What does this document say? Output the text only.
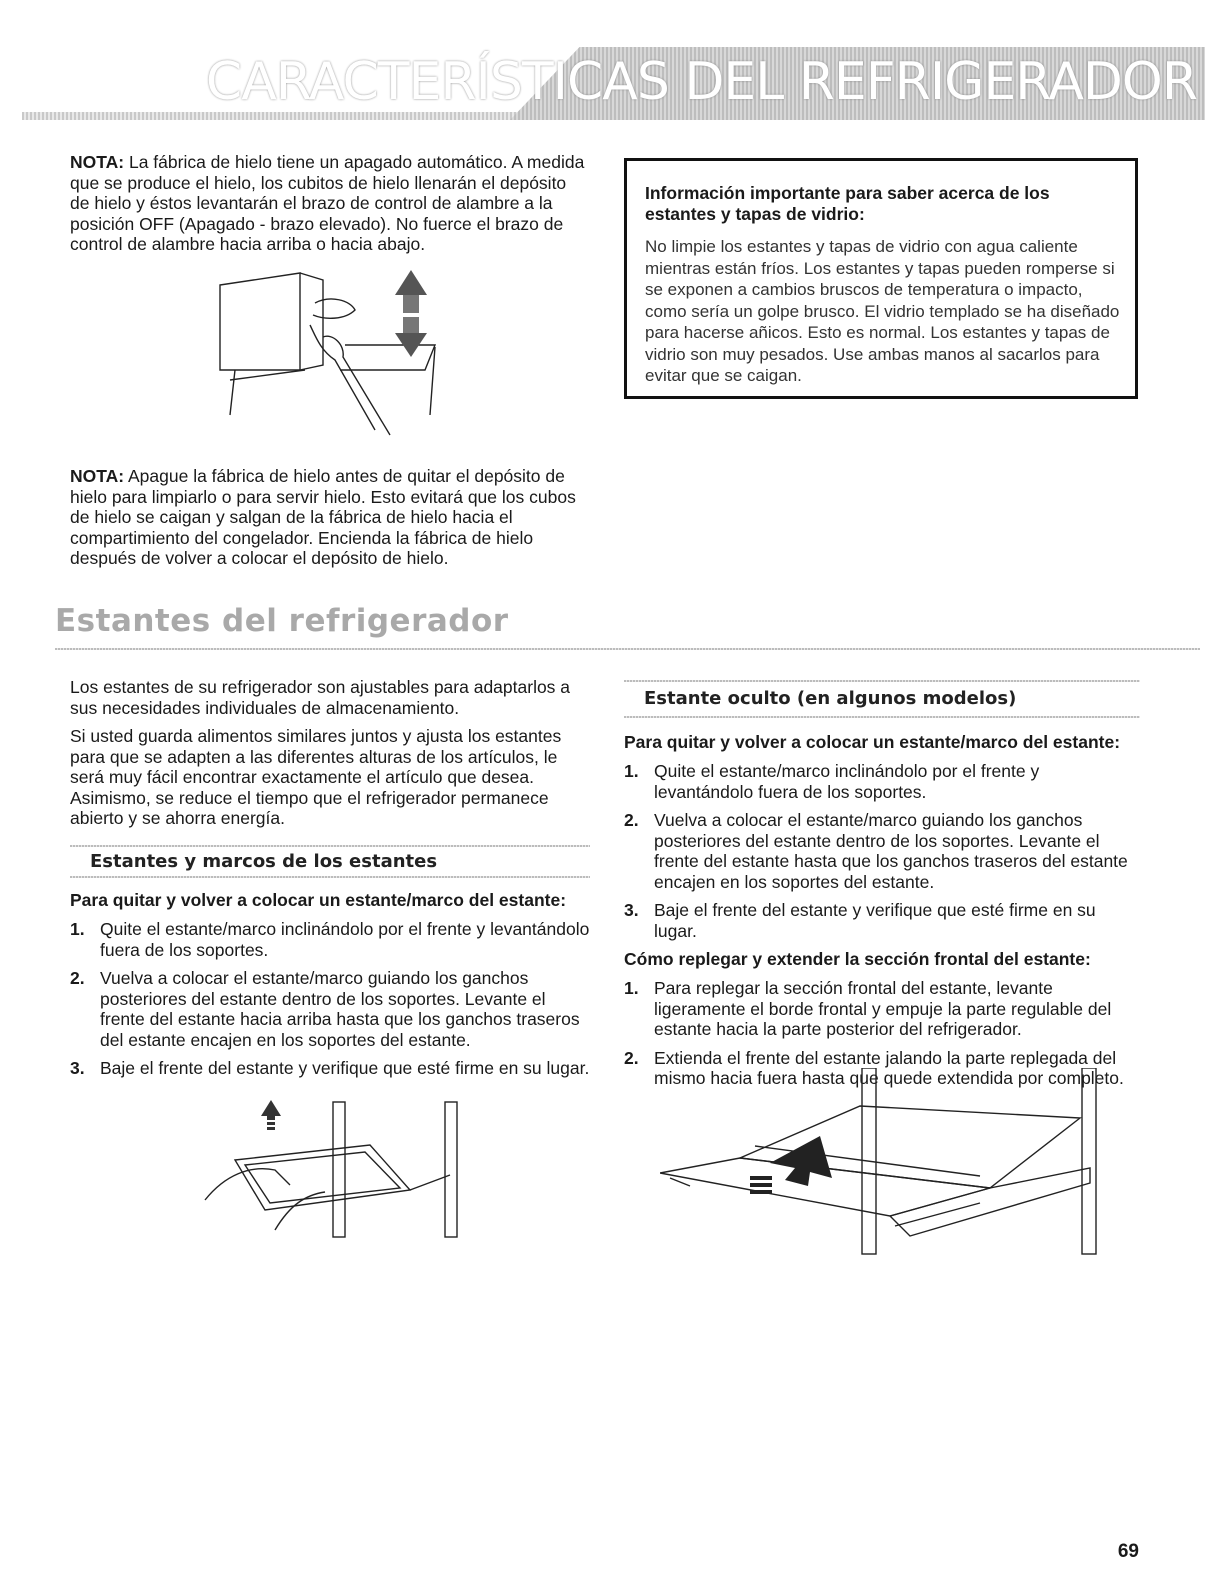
CARACTERÍSTICAS DEL REFRIGERADOR

NOTA: La fábrica de hielo tiene un apagado automático. A medida que se produce el hielo, los cubitos de hielo llenarán el depósito de hielo y éstos levantarán el brazo de control de alambre a la posición OFF (Apagado - brazo elevado). No fuerce el brazo de control de alambre hacia arriba o hacia abajo.

Información importante para saber acerca de los estantes y tapas de vidrio:

No limpie los estantes y tapas de vidrio con agua caliente mientras están fríos. Los estantes y tapas pueden romperse si se exponen a cambios bruscos de temperatura o impacto, como sería un golpe brusco. El vidrio templado se ha diseñado para hacerse añicos. Esto es normal. Los estantes y tapas de vidrio son muy pesados. Use ambas manos al sacarlos para evitar que se caigan.

NOTA: Apague la fábrica de hielo antes de quitar el depósito de hielo para limpiarlo o para servir hielo. Esto evitará que los cubos de hielo se caigan y salgan de la fábrica de hielo hacia el compartimiento del congelador. Encienda la fábrica de hielo después de volver a colocar el depósito de hielo.

Estantes del refrigerador

Los estantes de su refrigerador son ajustables para adaptarlos a sus necesidades individuales de almacenamiento.

Si usted guarda alimentos similares juntos y ajusta los estantes para que se adapten a las diferentes alturas de los artículos, le será muy fácil encontrar exactamente el artículo que desea. Asimismo, se reduce el tiempo que el refrigerador permanece abierto y se ahorra energía.

Estantes y marcos de los estantes
Para quitar y volver a colocar un estante/marco del estante:
1. Quite el estante/marco inclinándolo por el frente y levantándolo fuera de los soportes.
2. Vuelva a colocar el estante/marco guiando los ganchos posteriores del estante dentro de los soportes. Levante el frente del estante hacia arriba hasta que los ganchos traseros del estante encajen en los soportes del estante.
3. Baje el frente del estante y verifique que esté firme en su lugar.
Estante oculto (en algunos modelos)
Para quitar y volver a colocar un estante/marco del estante:
1. Quite el estante/marco inclinándolo por el frente y levantándolo fuera de los soportes.
2. Vuelva a colocar el estante/marco guiando los ganchos posteriores del estante dentro de los soportes. Levante el frente del estante hasta que los ganchos traseros del estante encajen en los soportes del estante.
3. Baje el frente del estante y verifique que esté firme en su lugar.
Cómo replegar y extender la sección frontal del estante:
1. Para replegar la sección frontal del estante, levante ligeramente el borde frontal y empuje la parte regulable del estante hacia la parte posterior del refrigerador.
2. Extienda el frente del estante jalando la parte replegada del mismo hacia fuera hasta que quede extendida por completo.
69
